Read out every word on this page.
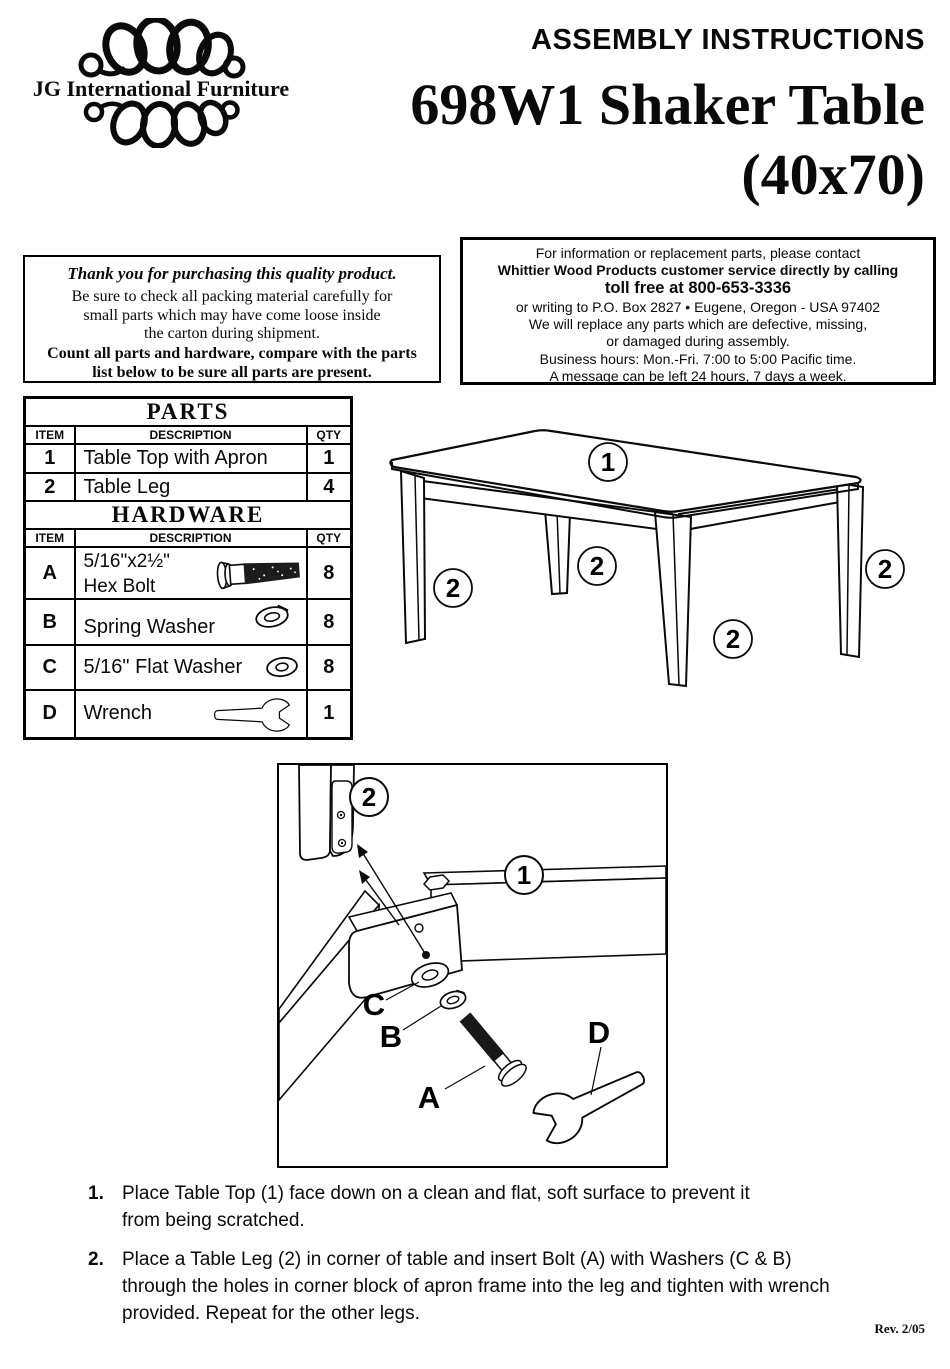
JG International Furniture
ASSEMBLY INSTRUCTIONS
698W1 Shaker Table
(40x70)
Thank you for purchasing this quality product.
Be sure to check all packing material carefully for
small parts which may have come loose inside
the carton during shipment.
Count all parts and hardware, compare with the parts
list below to be sure all parts are present.
For information or replacement parts, please contact
Whittier Wood Products customer service directly by calling
toll free at 800-653-3336
or writing to P.O. Box 2827 • Eugene, Oregon - USA 97402
We will replace any parts which are defective, missing,
or damaged during assembly.
Business hours: Mon.-Fri. 7:00 to 5:00 Pacific time.
A message can be left 24 hours, 7 days a week.
PARTS		
ITEM	DESCRIPTION	QTY
1	Table Top with Apron	1
2	Table Leg	4
HARDWARE		
ITEM	DESCRIPTION	QTY
A	5/16"x2½"
Hex Bolt	8
B	Spring Washer	8
C	5/16" Flat Washer	8
D	Wrench	1
1
2
2
2
2
2
1
C
B
A
D
1. Place Table Top (1) face down on a clean and flat, soft surface to prevent it
from being scratched.
2. Place a Table Leg (2) in corner of table and insert Bolt (A) with Washers (C & B)
through the holes in corner block of apron frame into the leg and tighten with wrench
provided. Repeat for the other legs.
Rev. 2/05
